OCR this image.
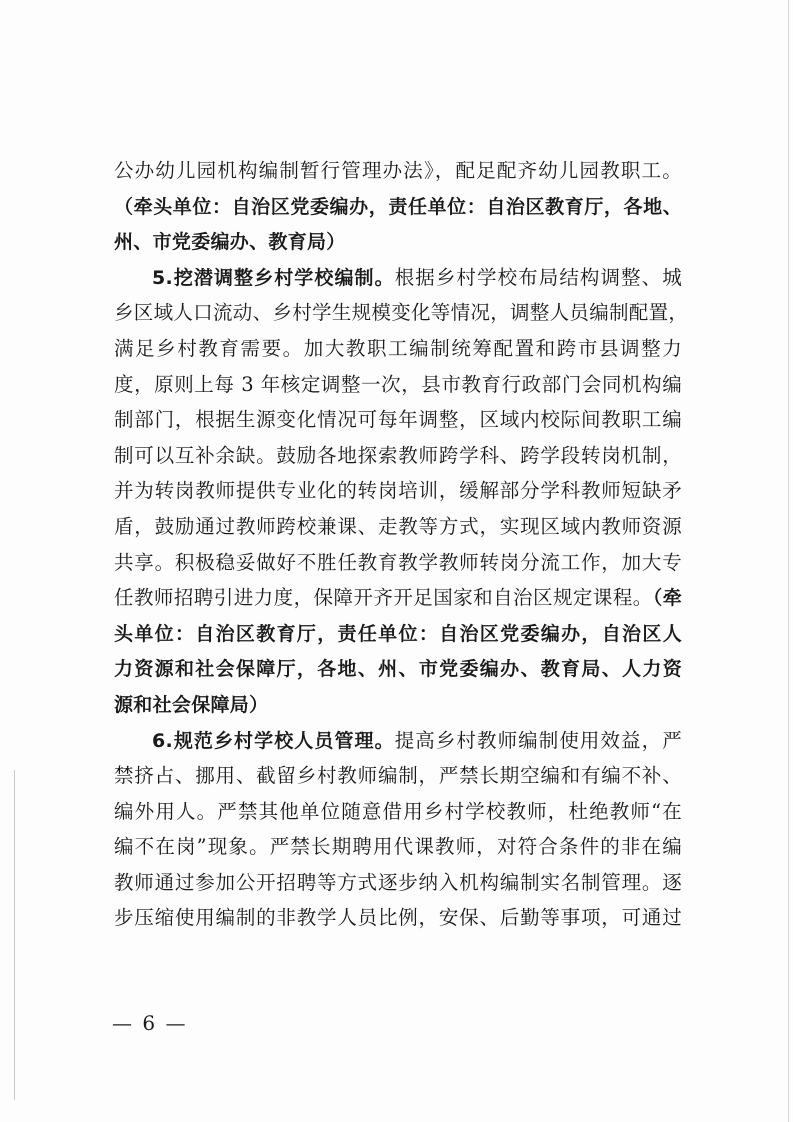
公办幼儿园机构编制暂行管理办法》，配足配齐幼儿园教职工。
（牵头单位：自治区党委编办，责任单位：自治区教育厅，各地、
州、市党委编办、教育局）
5.挖潜调整乡村学校编制。根据乡村学校布局结构调整、城
乡区域人口流动、乡村学生规模变化等情况，调整人员编制配置，
满足乡村教育需要。加大教职工编制统筹配置和跨市县调整力
度，原则上每 3 年核定调整一次，县市教育行政部门会同机构编
制部门，根据生源变化情况可每年调整，区域内校际间教职工编
制可以互补余缺。鼓励各地探索教师跨学科、跨学段转岗机制，
并为转岗教师提供专业化的转岗培训，缓解部分学科教师短缺矛
盾，鼓励通过教师跨校兼课、走教等方式，实现区域内教师资源
共享。积极稳妥做好不胜任教育教学教师转岗分流工作，加大专
任教师招聘引进力度，保障开齐开足国家和自治区规定课程。（牵
头单位：自治区教育厅，责任单位：自治区党委编办，自治区人
力资源和社会保障厅，各地、州、市党委编办、教育局、人力资
源和社会保障局）
6.规范乡村学校人员管理。提高乡村教师编制使用效益，严
禁挤占、挪用、截留乡村教师编制，严禁长期空编和有编不补、
编外用人。严禁其他单位随意借用乡村学校教师，杜绝教师“在
编不在岗”现象。严禁长期聘用代课教师，对符合条件的非在编
教师通过参加公开招聘等方式逐步纳入机构编制实名制管理。逐
步压缩使用编制的非教学人员比例，安保、后勤等事项，可通过
— 6 —
